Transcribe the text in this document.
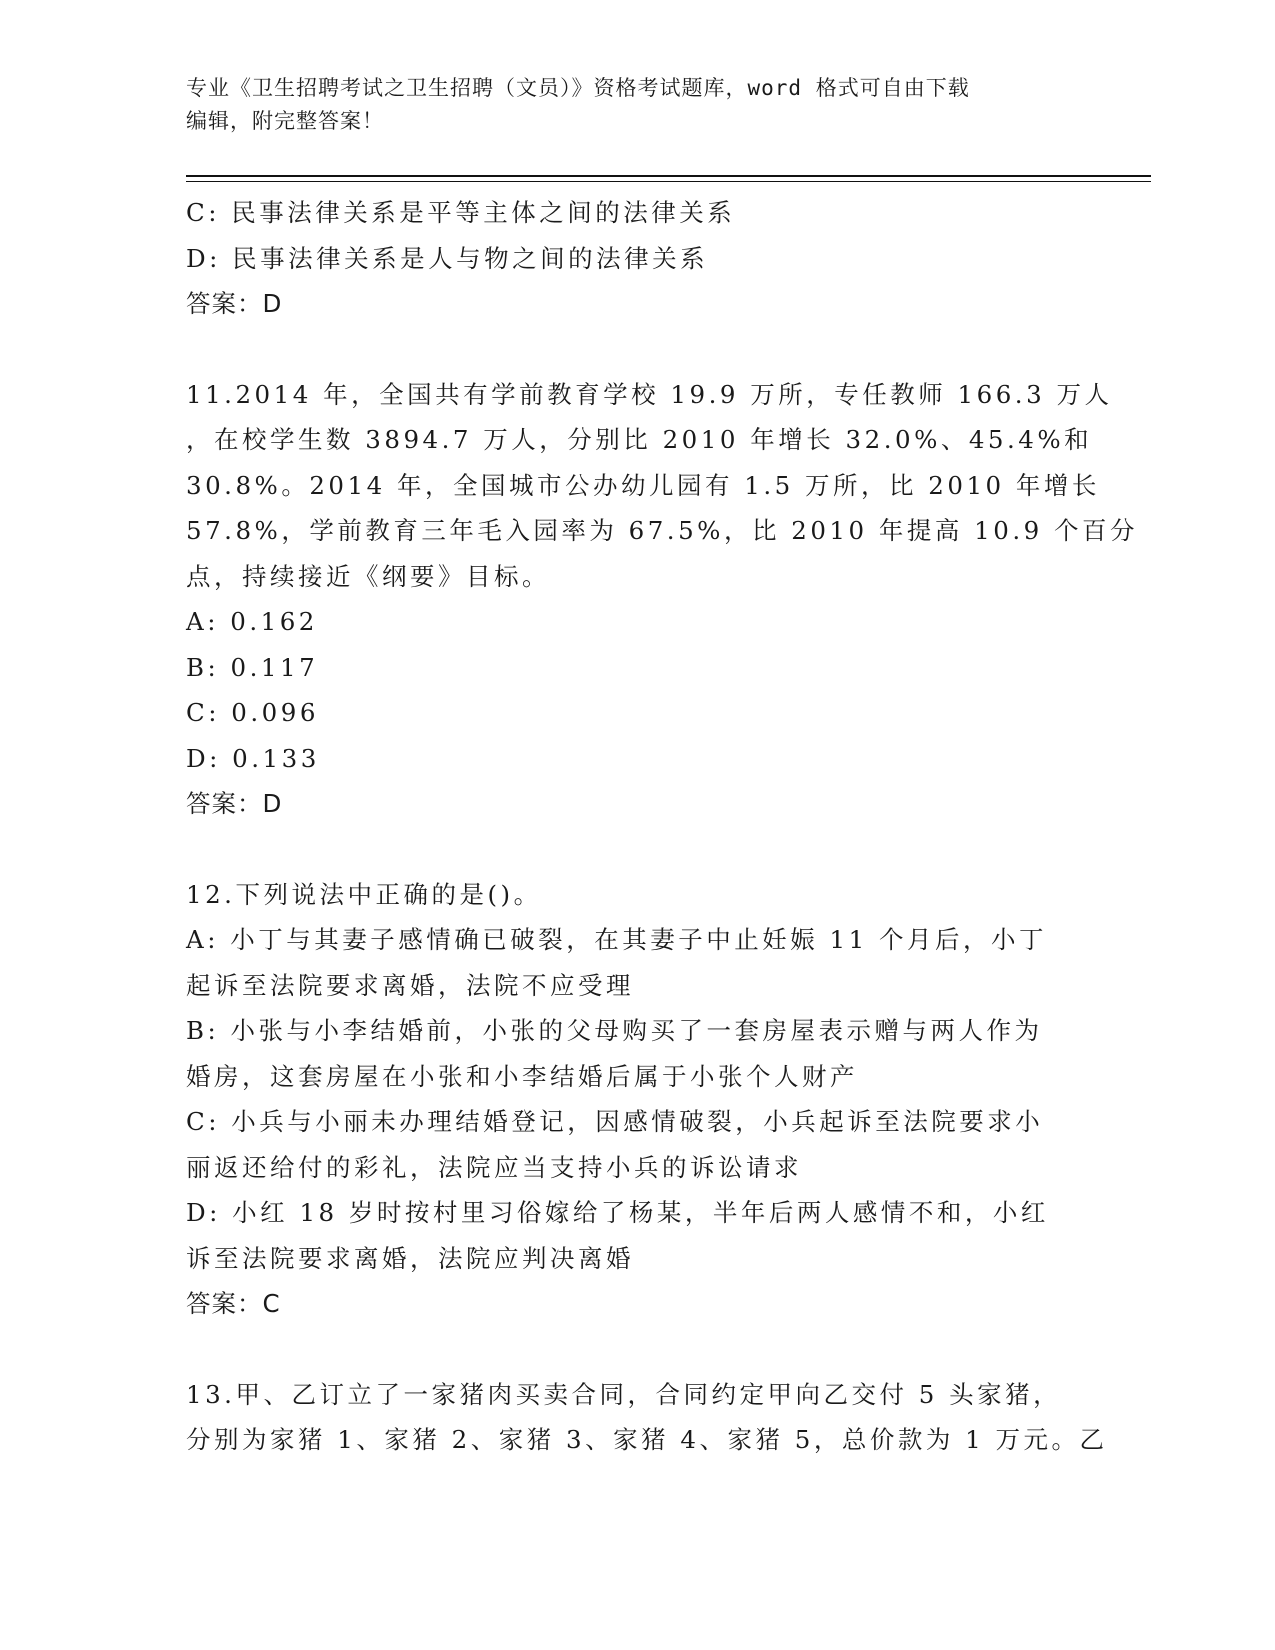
专业《卫生招聘考试之卫生招聘（文员）》资格考试题库，word 格式可自由下载
编辑，附完整答案！
C: 民事法律关系是平等主体之间的法律关系
D: 民事法律关系是人与物之间的法律关系
答案：D
11.2014 年，全国共有学前教育学校 19.9 万所，专任教师 166.3 万人
，在校学生数 3894.7 万人，分别比 2010 年增长 32.0%、45.4%和
30.8%。2014 年，全国城市公办幼儿园有 1.5 万所，比 2010 年增长
57.8%，学前教育三年毛入园率为 67.5%，比 2010 年提高 10.9 个百分
点，持续接近《纲要》目标。
A: 0.162
B: 0.117
C: 0.096
D: 0.133
答案：D
12.下列说法中正确的是()。
A: 小丁与其妻子感情确已破裂，在其妻子中止妊娠 11 个月后，小丁
起诉至法院要求离婚，法院不应受理
B: 小张与小李结婚前，小张的父母购买了一套房屋表示赠与两人作为
婚房，这套房屋在小张和小李结婚后属于小张个人财产
C: 小兵与小丽未办理结婚登记，因感情破裂，小兵起诉至法院要求小
丽返还给付的彩礼，法院应当支持小兵的诉讼请求
D: 小红 18 岁时按村里习俗嫁给了杨某，半年后两人感情不和，小红
诉至法院要求离婚，法院应判决离婚
答案：C
13.甲、乙订立了一家猪肉买卖合同，合同约定甲向乙交付 5 头家猪，
分别为家猪 1、家猪 2、家猪 3、家猪 4、家猪 5，总价款为 1 万元。乙
